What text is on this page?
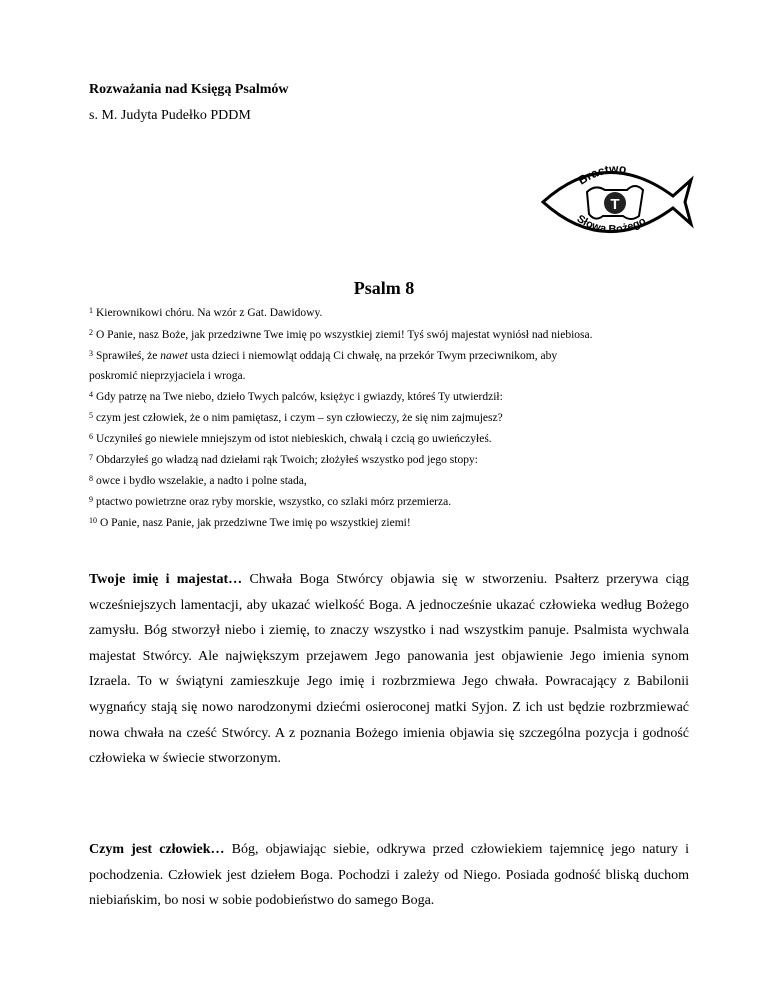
Rozważania nad Księgą Psalmów
s. M. Judyta Pudełko PDDM
T
Bractwo
Słowa Bożego
Psalm 8

$^1$ Kierownikowi chóru. Na wzór z Gat. Dawidowy.

$^2$ O Panie, nasz Boże, jak przedziwne Twe imię po wszystkiej ziemi! Tyś swój majestat wyniósł nad niebiosa.

$^3$ Sprawiłeś, że nawet usta dzieci i niemowląt oddają Ci chwałę, na przekór Twym przeciwnikom, aby

poskromić nieprzyjaciela i wroga.

$^4$ Gdy patrzę na Twe niebo, dzieło Twych palców, księżyc i gwiazdy, któreś Ty utwierdził:

$^5$ czym jest człowiek, że o nim pamiętasz, i czym – syn człowieczy, że się nim zajmujesz?

$^6$ Uczyniłeś go niewiele mniejszym od istot niebieskich, chwałą i czcią go uwieńczyłeś.

$^7$ Obdarzyłeś go władzą nad dziełami rąk Twoich; złożyłeś wszystko pod jego stopy:

$^8$ owce i bydło wszelakie, a nadto i polne stada,

$^9$ ptactwo powietrzne oraz ryby morskie, wszystko, co szlaki mórz przemierza.

$^{10}$ O Panie, nasz Panie, jak przedziwne Twe imię po wszystkiej ziemi!

Twoje imię i majestat… Chwała Boga Stwórcy objawia się w stworzeniu. Psałterz przerywa ciąg wcześniejszych lamentacji, aby ukazać wielkość Boga. A jednocześnie ukazać człowieka według Bożego zamysłu. Bóg stworzył niebo i ziemię, to znaczy wszystko i nad wszystkim panuje. Psalmista wychwala majestat Stwórcy. Ale największym przejawem Jego panowania jest objawienie Jego imienia synom Izraela. To w świątyni zamieszkuje Jego imię i rozbrzmiewa Jego chwała. Powracający z Babilonii wygnańcy stają się nowo narodzonymi dziećmi osieroconej matki Syjon. Z ich ust będzie rozbrzmiewać nowa chwała na cześć Stwórcy. A z poznania Bożego imienia objawia się szczególna pozycja i godność człowieka w świecie stworzonym.

Czym jest człowiek… Bóg, objawiając siebie, odkrywa przed człowiekiem tajemnicę jego natury i pochodzenia. Człowiek jest dziełem Boga. Pochodzi i zależy od Niego. Posiada godność bliską duchom niebiańskim, bo nosi w sobie podobieństwo do samego Boga.
